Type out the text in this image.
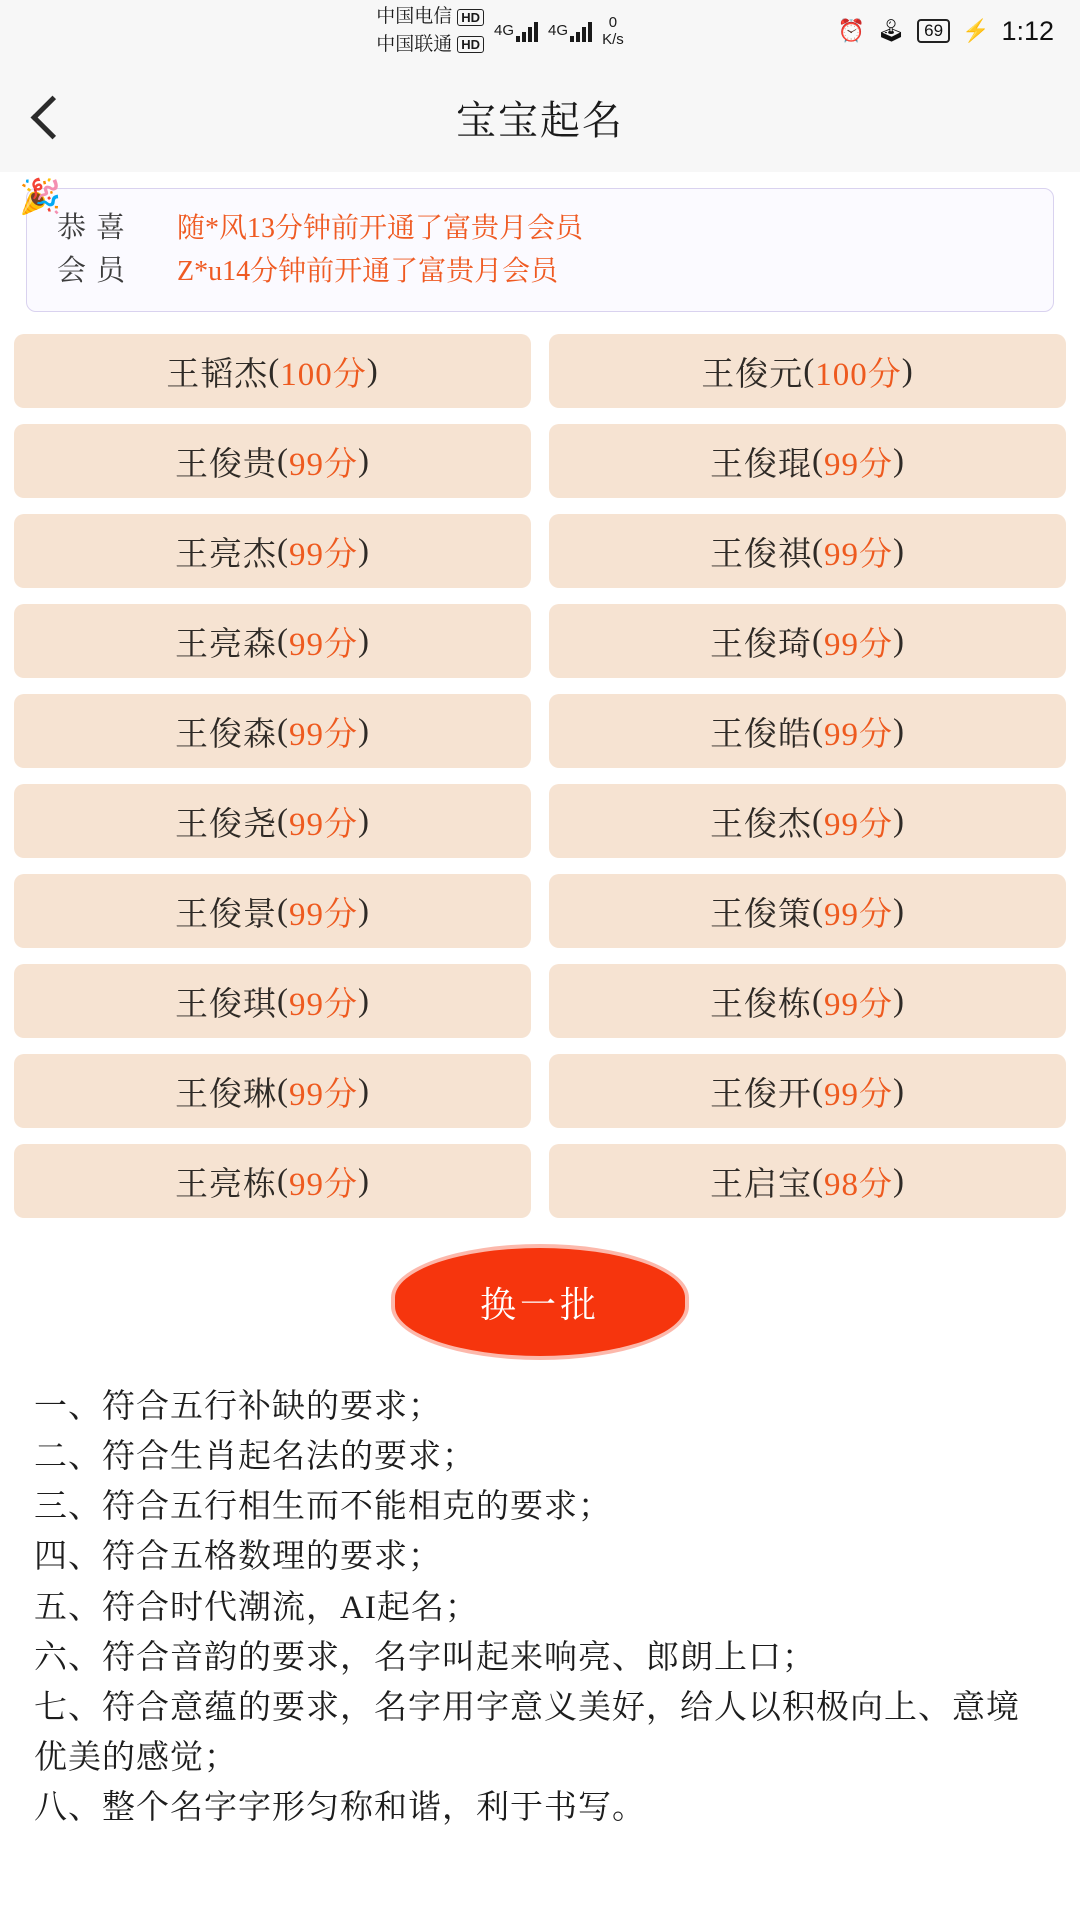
中国电信 HD
中国联通 HD
4G 4G	0
K/s	⏰ 🕹	69 ⚡ 1:12
宝宝起名
名
🎉
恭喜
会员
随*风13分钟前开通了富贵月会员
Z*u14分钟前开通了富贵月会员
王韬杰 ( 100分 )	王俊元 ( 100分 )
王俊贵 ( 99分 )	王俊琨 ( 99分 )
王亮杰 ( 99分 )	王俊祺 ( 99分 )
王亮森 ( 99分 )	王俊琦 ( 99分 )
王俊森 ( 99分 )	王俊皓 ( 99分 )
王俊尧 ( 99分 )	王俊杰 ( 99分 )
王俊景 ( 99分 )	王俊策 ( 99分 )
王俊琪 ( 99分 )	王俊栋 ( 99分 )
王俊琳 ( 99分 )	王俊开 ( 99分 )
王亮栋 ( 99分 )	王启宝 ( 98分 )
换一批

一、符合五行补缺的要求；

二、符合生肖起名法的要求；

三、符合五行相生而不能相克的要求；

四、符合五格数理的要求；

五、符合时代潮流，AI起名；

六、符合音韵的要求，名字叫起来响亮、郎朗上口；

七、符合意蕴的要求，名字用字意义美好，给人以积极向上、意境优美的感觉；

八、整个名字字形匀称和谐，利于书写。
